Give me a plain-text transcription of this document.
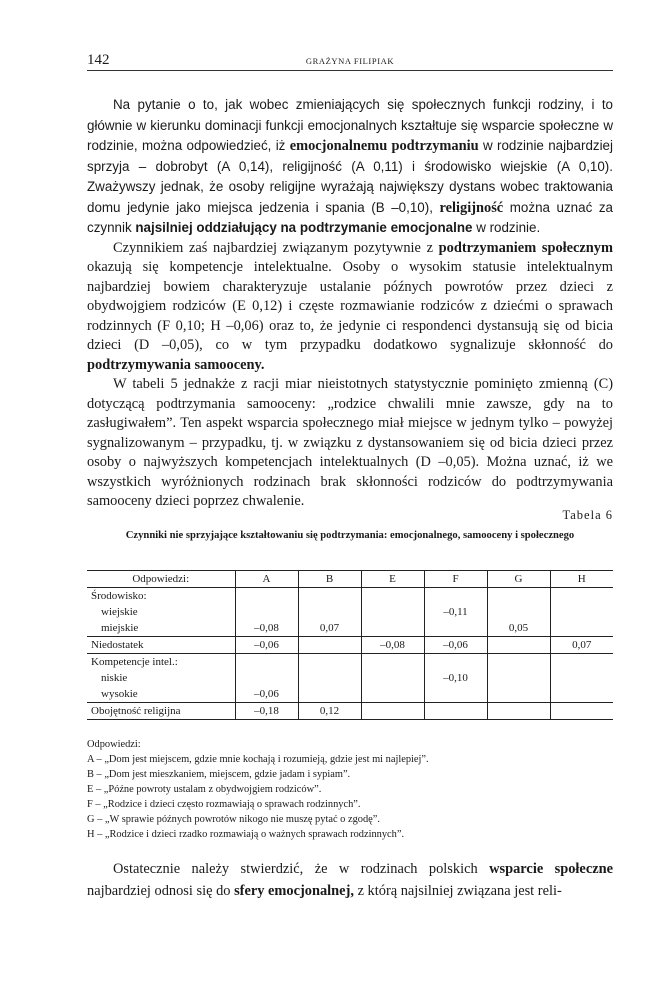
142	GRAŻYNA FILIPIAK

Na pytanie o to, jak wobec zmieniających się społecznych funkcji rodziny, i to głównie w kierunku dominacji funkcji emocjonalnych kształtuje się wsparcie społeczne w rodzinie, można odpowiedzieć, iż emocjonalnemu podtrzymaniu w rodzinie najbardziej sprzyja – dobrobyt (A 0,14), religijność (A 0,11) i środowisko wiejskie (A 0,10). Zważywszy jednak, że osoby religijne wyrażają największy dystans wobec traktowania domu jedynie jako miejsca jedzenia i spania (B –0,10), religijność można uznać za czynnik najsilniej oddziałujący na podtrzymanie emocjonalne w rodzinie.

Czynnikiem zaś najbardziej związanym pozytywnie z podtrzymaniem społecznym okazują się kompetencje intelektualne. Osoby o wysokim statusie intelektualnym najbardziej bowiem charakteryzuje ustalanie późnych powrotów przez dzieci z obydwojgiem rodziców (E 0,12) i częste rozmawianie rodziców z dziećmi o sprawach rodzinnych (F 0,10; H –0,06) oraz to, że jedynie ci respondenci dystansują się od bicia dzieci (D –0,05), co w tym przypadku dodatkowo sygnalizuje skłonność do podtrzymywania samooceny.

W tabeli 5 jednakże z racji miar nieistotnych statystycznie pominięto zmienną (C) dotyczącą podtrzymania samooceny: „rodzice chwalili mnie zawsze, gdy na to zasługiwałem”. Ten aspekt wsparcia społecznego miał miejsce w jednym tylko – powyżej sygnalizowanym – przypadku, tj. w związku z dystansowaniem się od bicia dzieci przez osoby o najwyższych kompetencjach intelektualnych (D –0,05). Można uznać, iż we wszystkich wyróżnionych rodzinach brak skłonności rodziców do podtrzymywania samooceny dzieci poprzez chwalenie.

Tabela 6
Czynniki nie sprzyjające kształtowaniu się podtrzymania: emocjonalnego, samooceny i społecznego
Odpowiedzi:	A	B	E	F	G	H
Środowisko:						
wiejskie				–0,11		
miejskie	–0,08	0,07			0,05	
Niedostatek	–0,06		–0,08	–0,06		0,07
Kompetencje intel.:						
niskie				–0,10		
wysokie	–0,06					
Obojętność religijna	–0,18	0,12				
Odpowiedzi:
A – „Dom jest miejscem, gdzie mnie kochają i rozumieją, gdzie jest mi najlepiej”.
B – „Dom jest mieszkaniem, miejscem, gdzie jadam i sypiam”.
E – „Późne powroty ustalam z obydwojgiem rodziców”.
F – „Rodzice i dzieci często rozmawiają o sprawach rodzinnych”.
G – „W sprawie późnych powrotów nikogo nie muszę pytać o zgodę”.
H – „Rodzice i dzieci rzadko rozmawiają o ważnych sprawach rodzinnych”.

Ostatecznie należy stwierdzić, że w rodzinach polskich wsparcie społeczne najbardziej odnosi się do sfery emocjonalnej, z którą najsilniej związana jest reli-
